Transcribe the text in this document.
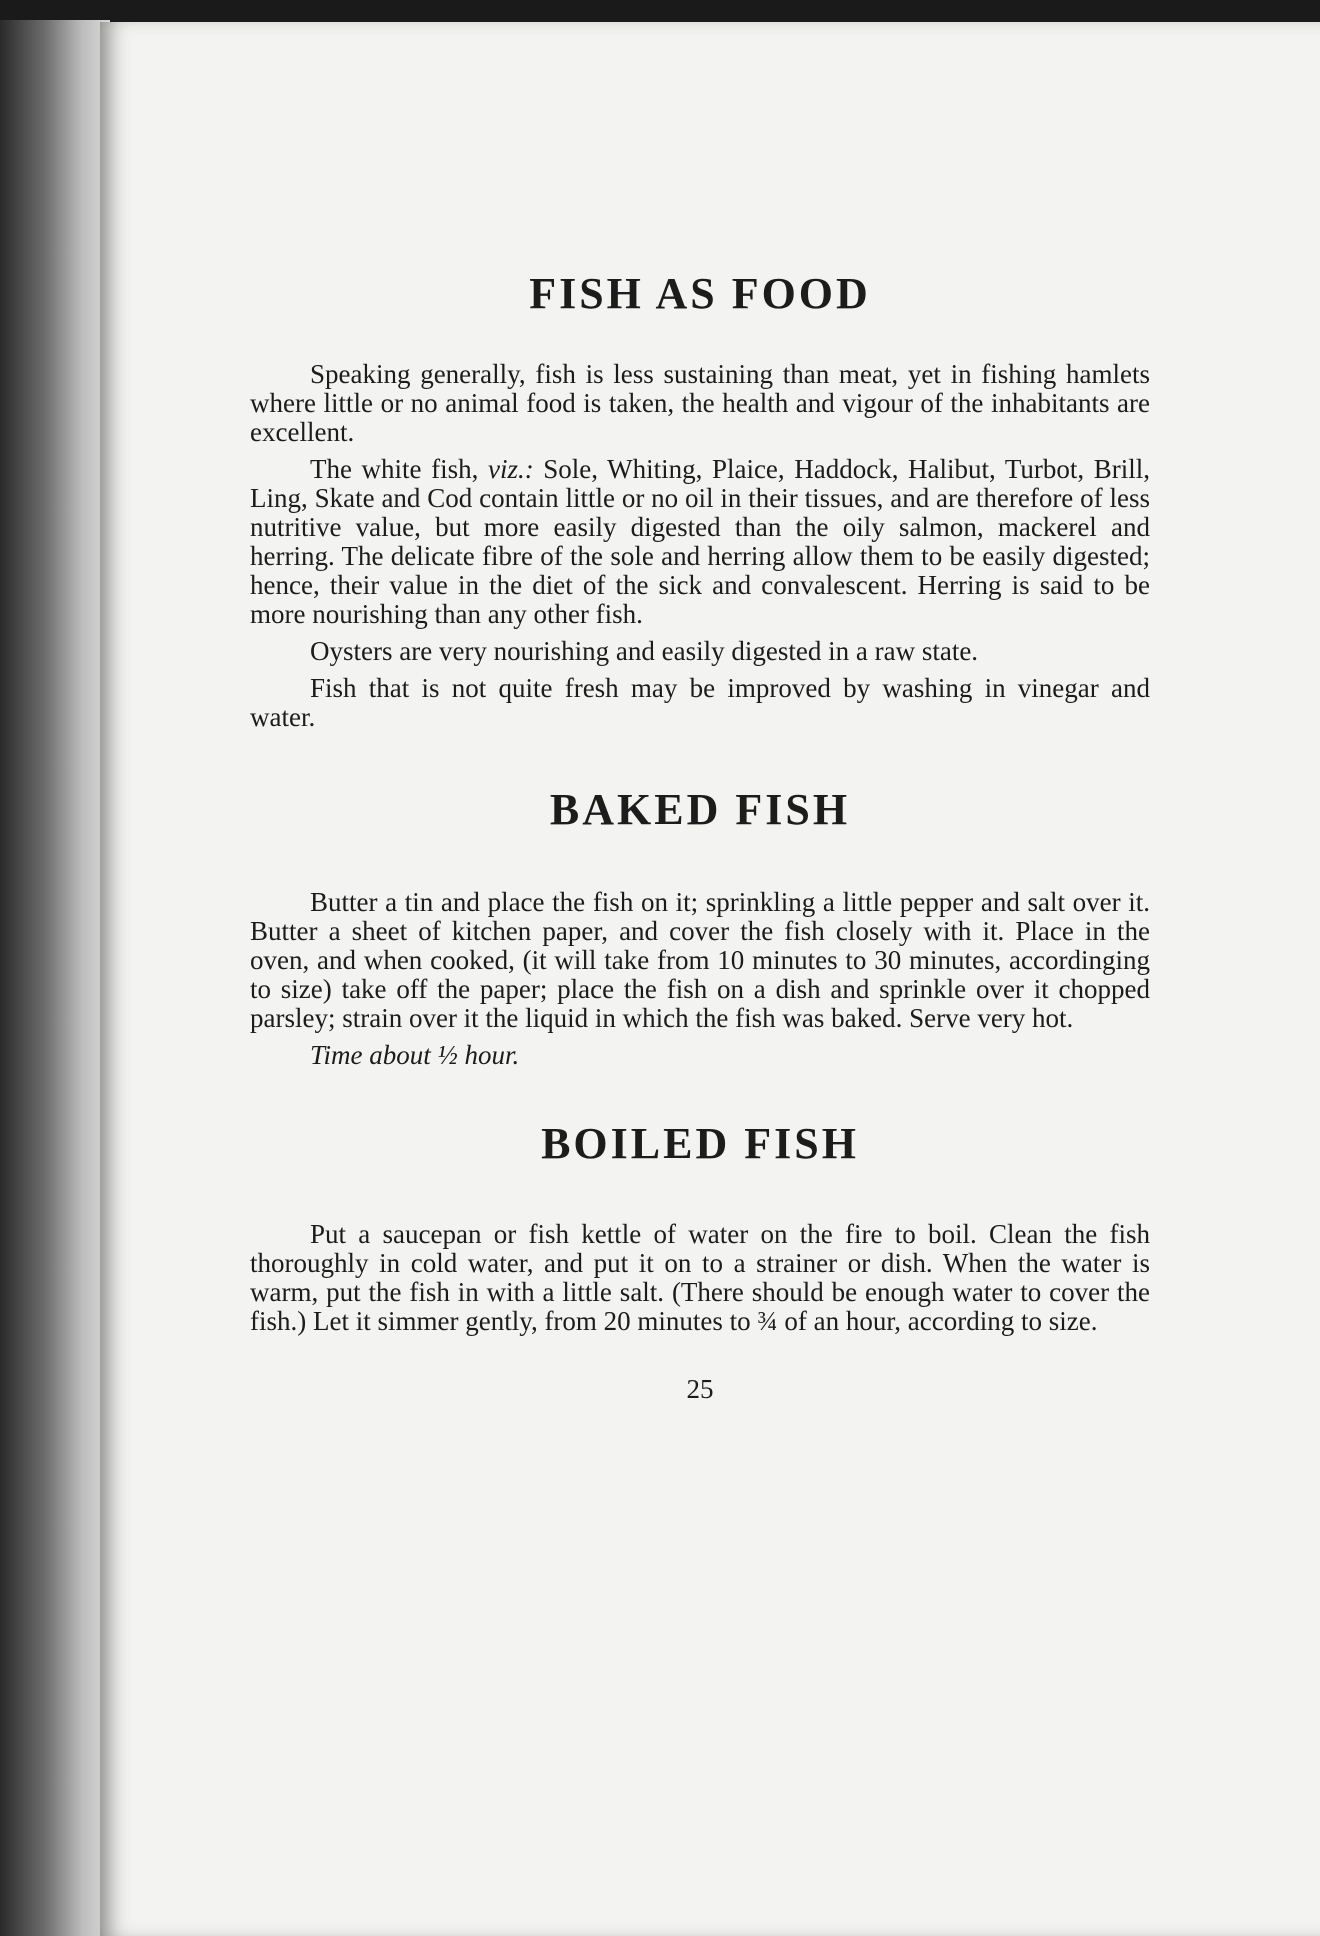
FISH AS FOOD

Speaking generally, fish is less sustaining than meat, yet in fishing hamlets where little or no animal food is taken, the health and vigour of the inhabitants are excellent.

The white fish, viz.: Sole, Whiting, Plaice, Haddock, Halibut, Turbot, Brill, Ling, Skate and Cod contain little or no oil in their tissues, and are therefore of less nutritive value, but more easily digested than the oily salmon, mackerel and herring. The delicate fibre of the sole and herring allow them to be easily digested; hence, their value in the diet of the sick and convalescent. Herring is said to be more nourishing than any other fish.

Oysters are very nourishing and easily digested in a raw state.

Fish that is not quite fresh may be improved by washing in vinegar and water.

BAKED FISH

Butter a tin and place the fish on it; sprinkling a little pepper and salt over it. Butter a sheet of kitchen paper, and cover the fish closely with it. Place in the oven, and when cooked, (it will take from 10 minutes to 30 minutes, accordinging to size) take off the paper; place the fish on a dish and sprinkle over it chopped parsley; strain over it the liquid in which the fish was baked. Serve very hot.

Time about ½ hour.

BOILED FISH

Put a saucepan or fish kettle of water on the fire to boil. Clean the fish thoroughly in cold water, and put it on to a strainer or dish. When the water is warm, put the fish in with a little salt. (There should be enough water to cover the fish.) Let it simmer gently, from 20 minutes to ¾ of an hour, according to size.

25
